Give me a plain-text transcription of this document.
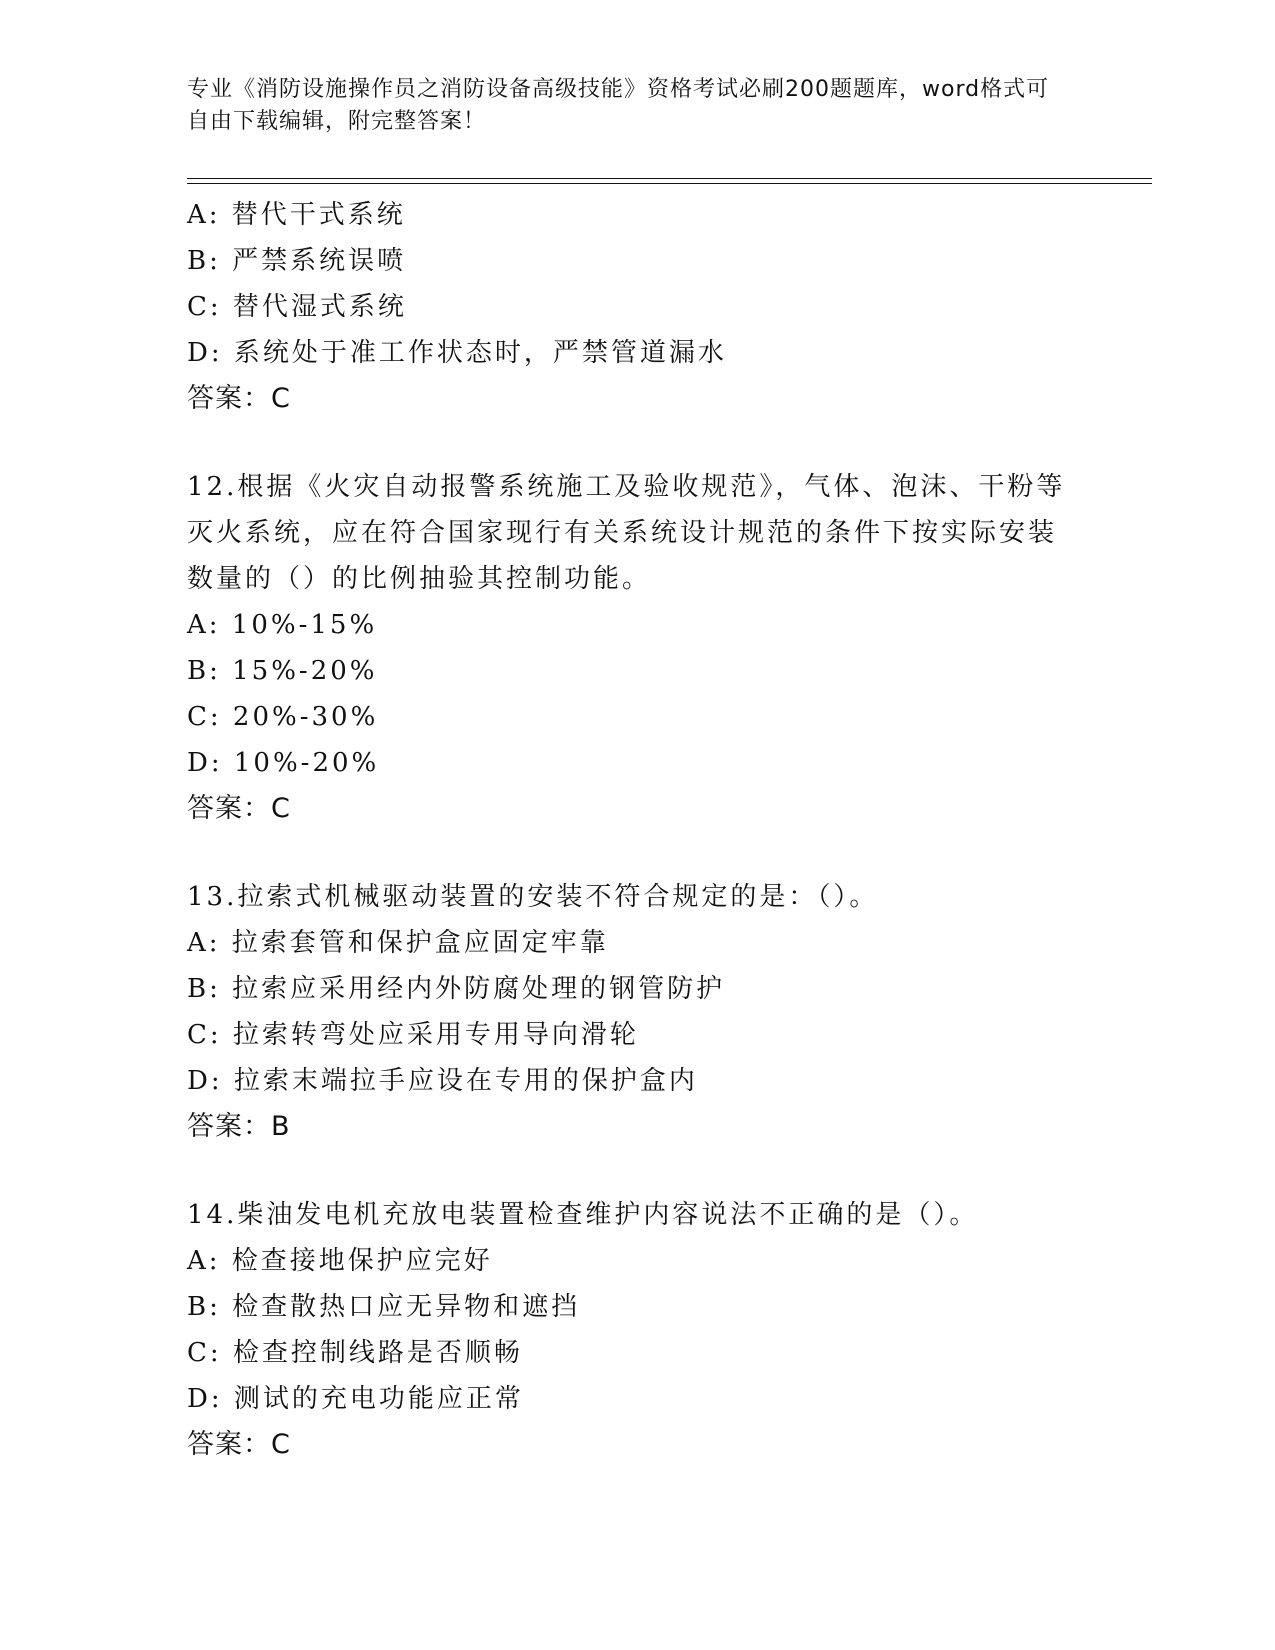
专业《消防设施操作员之消防设备高级技能》资格考试必刷200题题库，word格式可自由下载编辑，附完整答案！
A: 替代干式系统
B: 严禁系统误喷
C: 替代湿式系统
D: 系统处于准工作状态时，严禁管道漏水
答案：C
12.根据《火灾自动报警系统施工及验收规范》，气体、泡沫、干粉等灭火系统，应在符合国家现行有关系统设计规范的条件下按实际安装数量的（）的比例抽验其控制功能。
A: 10%-15%
B: 15%-20%
C: 20%-30%
D: 10%-20%
答案：C
13.拉索式机械驱动装置的安装不符合规定的是：（）。
A: 拉索套管和保护盒应固定牢靠
B: 拉索应采用经内外防腐处理的钢管防护
C: 拉索转弯处应采用专用导向滑轮
D: 拉索末端拉手应设在专用的保护盒内
答案：B
14.柴油发电机充放电装置检查维护内容说法不正确的是（）。
A: 检查接地保护应完好
B: 检查散热口应无异物和遮挡
C: 检查控制线路是否顺畅
D: 测试的充电功能应正常
答案：C
